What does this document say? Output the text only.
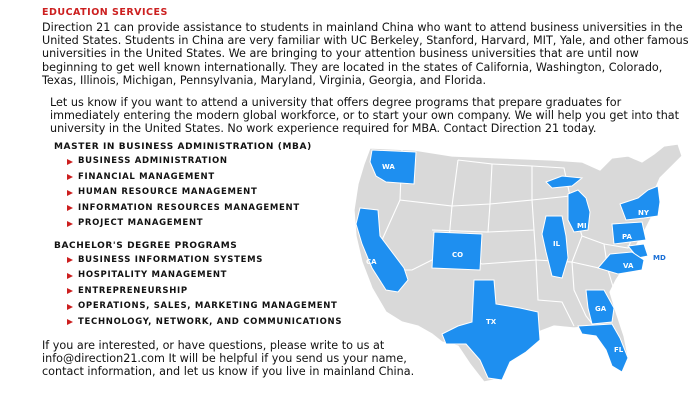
EDUCATION SERVICES

Direction 21 can provide assistance to students in mainland China who want to attend business universities in the United States. Students in China are very familiar with UC Berkeley, Stanford, Harvard, MIT, Yale, and other famous universities in the United States. We are bringing to your attention business universities that are until now beginning to get well known internationally. They are located in the states of California, Washington, Colorado, Texas, Illinois, Michigan, Pennsylvania, Maryland, Virginia, Georgia, and Florida.

Let us know if you want to attend a university that offers degree programs that prepare graduates for immediately entering the modern global workforce, or to start your own company. We will help you get into that university in the United States. No work experience required for MBA. Contact Direction 21 today.

MASTER IN BUSINESS ADMINISTRATION (MBA)

BUSINESS ADMINISTRATION
FINANCIAL MANAGEMENT
HUMAN RESOURCE MANAGEMENT
INFORMATION RESOURCES MANAGEMENT
PROJECT MANAGEMENT

BACHELOR'S DEGREE PROGRAMS

BUSINESS INFORMATION SYSTEMS
HOSPITALITY MANAGEMENT
ENTREPRENEURSHIP
OPERATIONS, SALES, MARKETING MANAGEMENT
TECHNOLOGY, NETWORK, AND COMMUNICATIONS

If you are interested, or have questions, please write to us at info@direction21.com It will be helpful if you send us your name, contact information, and let us know if you live in mainland China.

WA
CA
CO
TX
IL
MI
NY
PA
MD
VA
GA
FL
